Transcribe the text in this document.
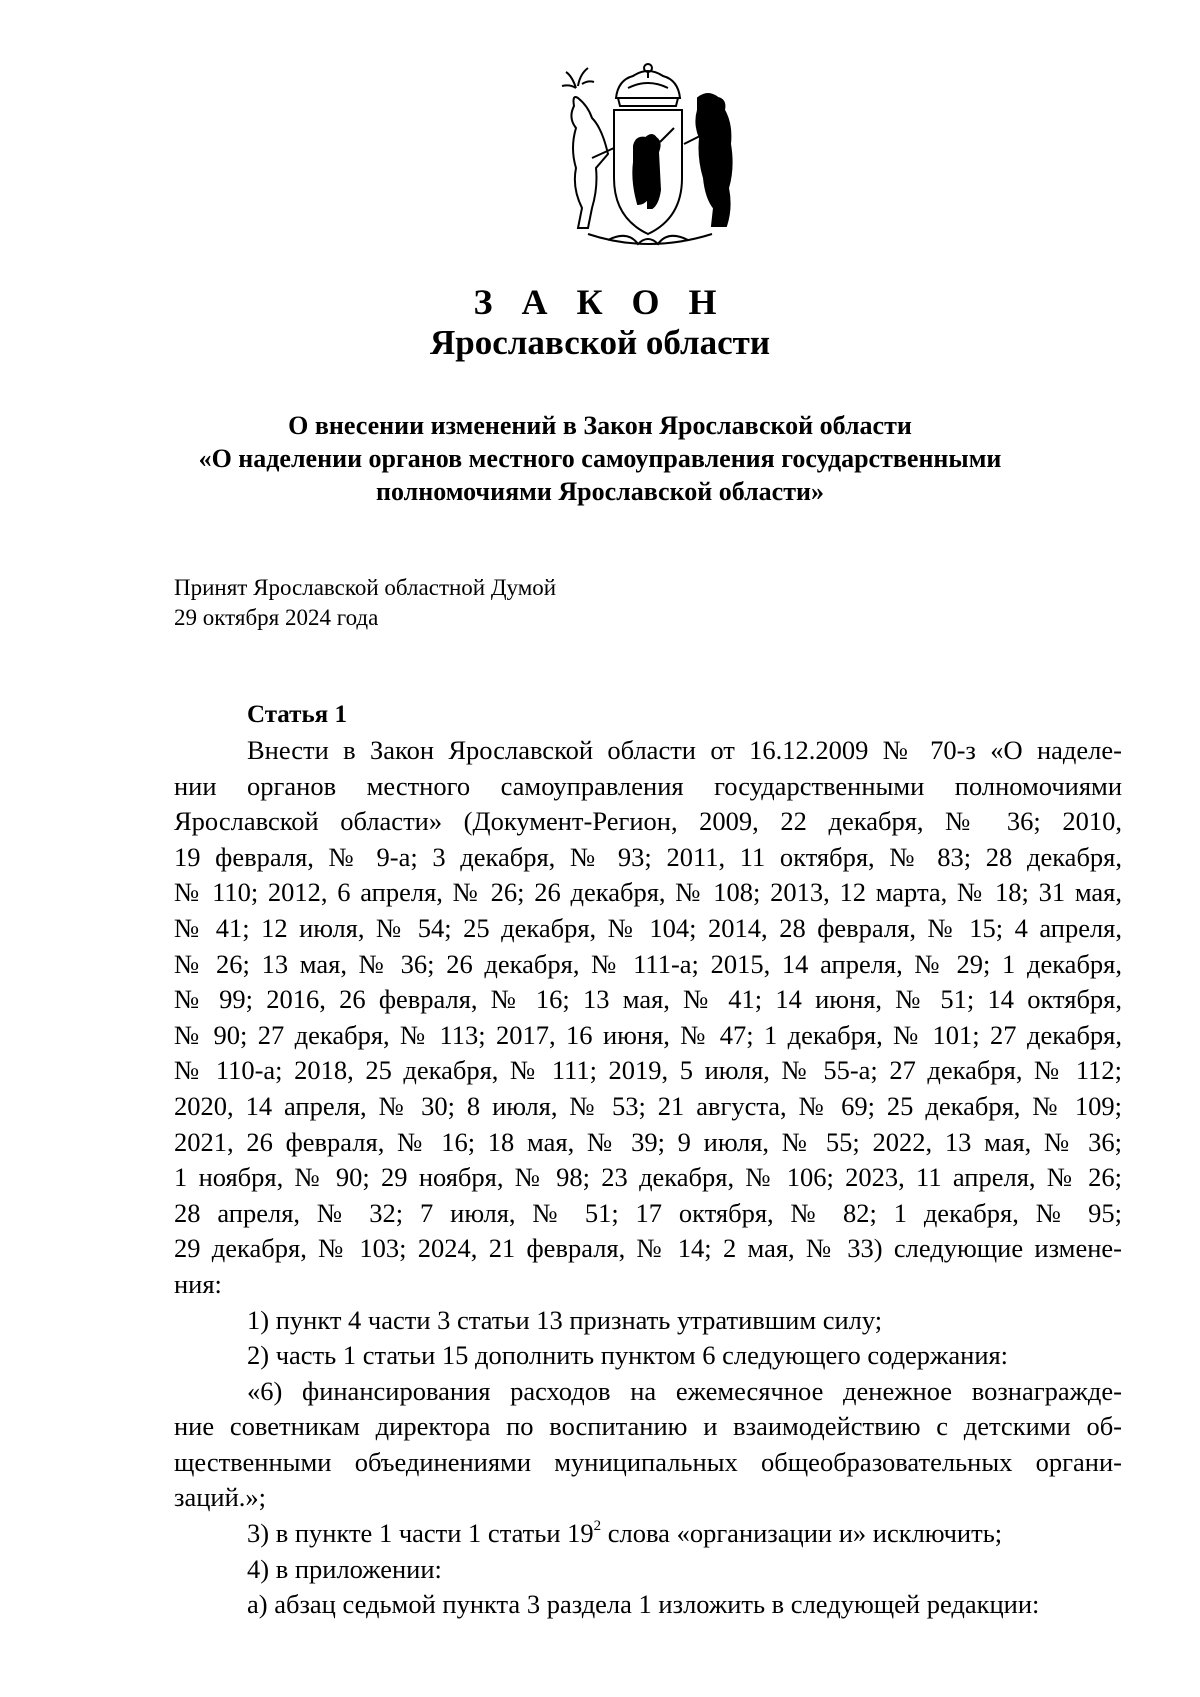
З А К О Н
Ярославской области
О внесении изменений в Закон Ярославской области
«О наделении органов местного самоуправления государственными
полномочиями Ярославской области»
Принят Ярославской областной Думой
29 октября 2024 года
Статья 1
Внести в Закон Ярославской области от 16.12.2009 № 70-з «О наделе-
нии органов местного самоуправления государственными полномочиями
Ярославской области» (Документ-Регион, 2009, 22 декабря, № 36; 2010,
19 февраля, № 9-а; 3 декабря, № 93; 2011, 11 октября, № 83; 28 декабря,
№ 110; 2012, 6 апреля, № 26; 26 декабря, № 108; 2013, 12 марта, № 18; 31 мая,
№ 41; 12 июля, № 54; 25 декабря, № 104; 2014, 28 февраля, № 15; 4 апреля,
№ 26; 13 мая, № 36; 26 декабря, № 111-а; 2015, 14 апреля, № 29; 1 декабря,
№ 99; 2016, 26 февраля, № 16; 13 мая, № 41; 14 июня, № 51; 14 октября,
№ 90; 27 декабря, № 113; 2017, 16 июня, № 47; 1 декабря, № 101; 27 декабря,
№ 110-а; 2018, 25 декабря, № 111; 2019, 5 июля, № 55-а; 27 декабря, № 112;
2020, 14 апреля, № 30; 8 июля, № 53; 21 августа, № 69; 25 декабря, № 109;
2021, 26 февраля, № 16; 18 мая, № 39; 9 июля, № 55; 2022, 13 мая, № 36;
1 ноября, № 90; 29 ноября, № 98; 23 декабря, № 106; 2023, 11 апреля, № 26;
28 апреля, № 32; 7 июля, № 51; 17 октября, № 82; 1 декабря, № 95;
29 декабря, № 103; 2024, 21 февраля, № 14; 2 мая, № 33) следующие измене-
ния:
1) пункт 4 части 3 статьи 13 признать утратившим силу;
2) часть 1 статьи 15 дополнить пунктом 6 следующего содержания:
«6) финансирования расходов на ежемесячное денежное вознагражде-
ние советникам директора по воспитанию и взаимодействию с детскими об-
щественными объединениями муниципальных общеобразовательных органи-
заций.»;
3) в пункте 1 части 1 статьи $19^2$ слова «организации и» исключить;
4) в приложении:
а) абзац седьмой пункта 3 раздела 1 изложить в следующей редакции:
